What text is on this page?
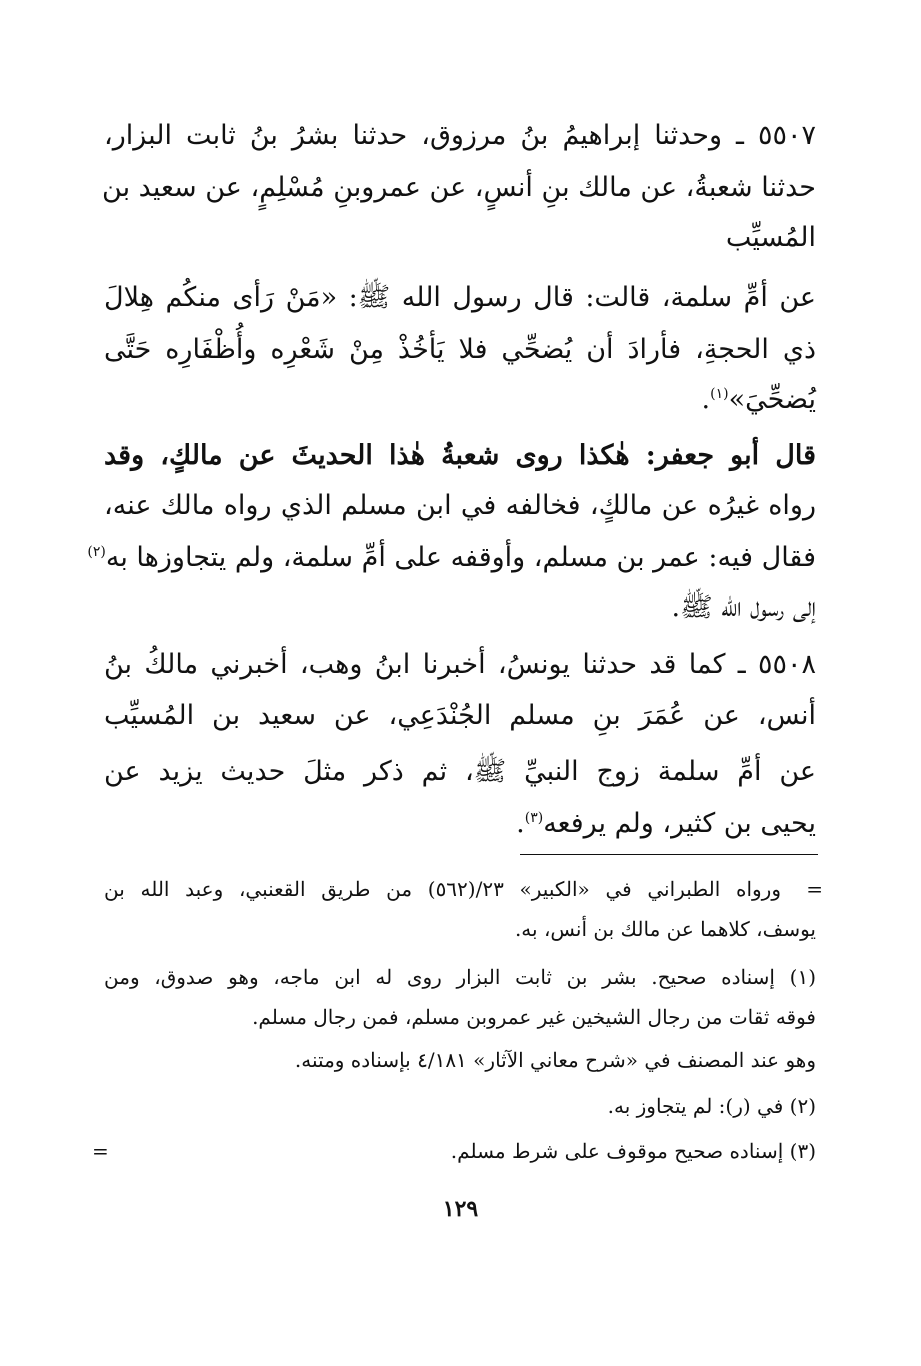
٥٥٠٧ ـ وحدثنا إبراهيمُ بنُ مرزوق، حدثنا بشرُ بنُ ثابت البزار،
حدثنا شعبةُ، عن مالك بنِ أنسٍ، عن عمروبنِ مُسْلِمٍ، عن سعيد بن
المُسيِّب
عن أمِّ سلمة، قالت: قال رسول الله ﷺ: «مَنْ رَأى منكُم هِلالَ
ذي الحجةِ، فأرادَ أن يُضحِّي فلا يَأخُذْ مِنْ شَعْرِه وأُظْفَارِه حَتَّى
يُضحِّيَ»$^{(١)}$.
قال أبو جعفر: هٰكذا روى شعبةُ هٰذا الحديثَ عن مالكٍ، وقد
رواه غيرُه عن مالكٍ، فخالفه في ابن مسلم الذي رواه مالك عنه،
فقال فيه: عمر بن مسلم، وأوقفه على أمِّ سلمة، ولم يتجاوزها به$^{(٢)}$
إلى رسول الله ﷺ.
٥٥٠٨ ـ كما قد حدثنا يونسُ، أخبرنا ابنُ وهب، أخبرني مالكُ بنُ
أنس، عن عُمَرَ بنِ مسلم الجُنْدَعِي، عن سعيد بن المُسيِّب
عن أمِّ سلمة زوج النبيِّ ﷺ، ثم ذكر مثلَ حديث يزيد عن
يحيى بن كثير، ولم يرفعه$^{(٣)}$.
=
ورواه الطبراني في «الكبير» ٢٣/(٥٦٢) من طريق القعنبي، وعبد الله بن
يوسف، كلاهما عن مالك بن أنس، به.
(١) إسناده صحيح. بشر بن ثابت البزار روى له ابن ماجه، وهو صدوق، ومن
فوقه ثقات من رجال الشيخين غير عمروبن مسلم، فمن رجال مسلم.
وهو عند المصنف في «شرح معاني الآثار» ٤/١٨١ بإسناده ومتنه.
(٢) في (ر): لم يتجاوز به.
(٣) إسناده صحيح موقوف على شرط مسلم.
=
١٢٩
